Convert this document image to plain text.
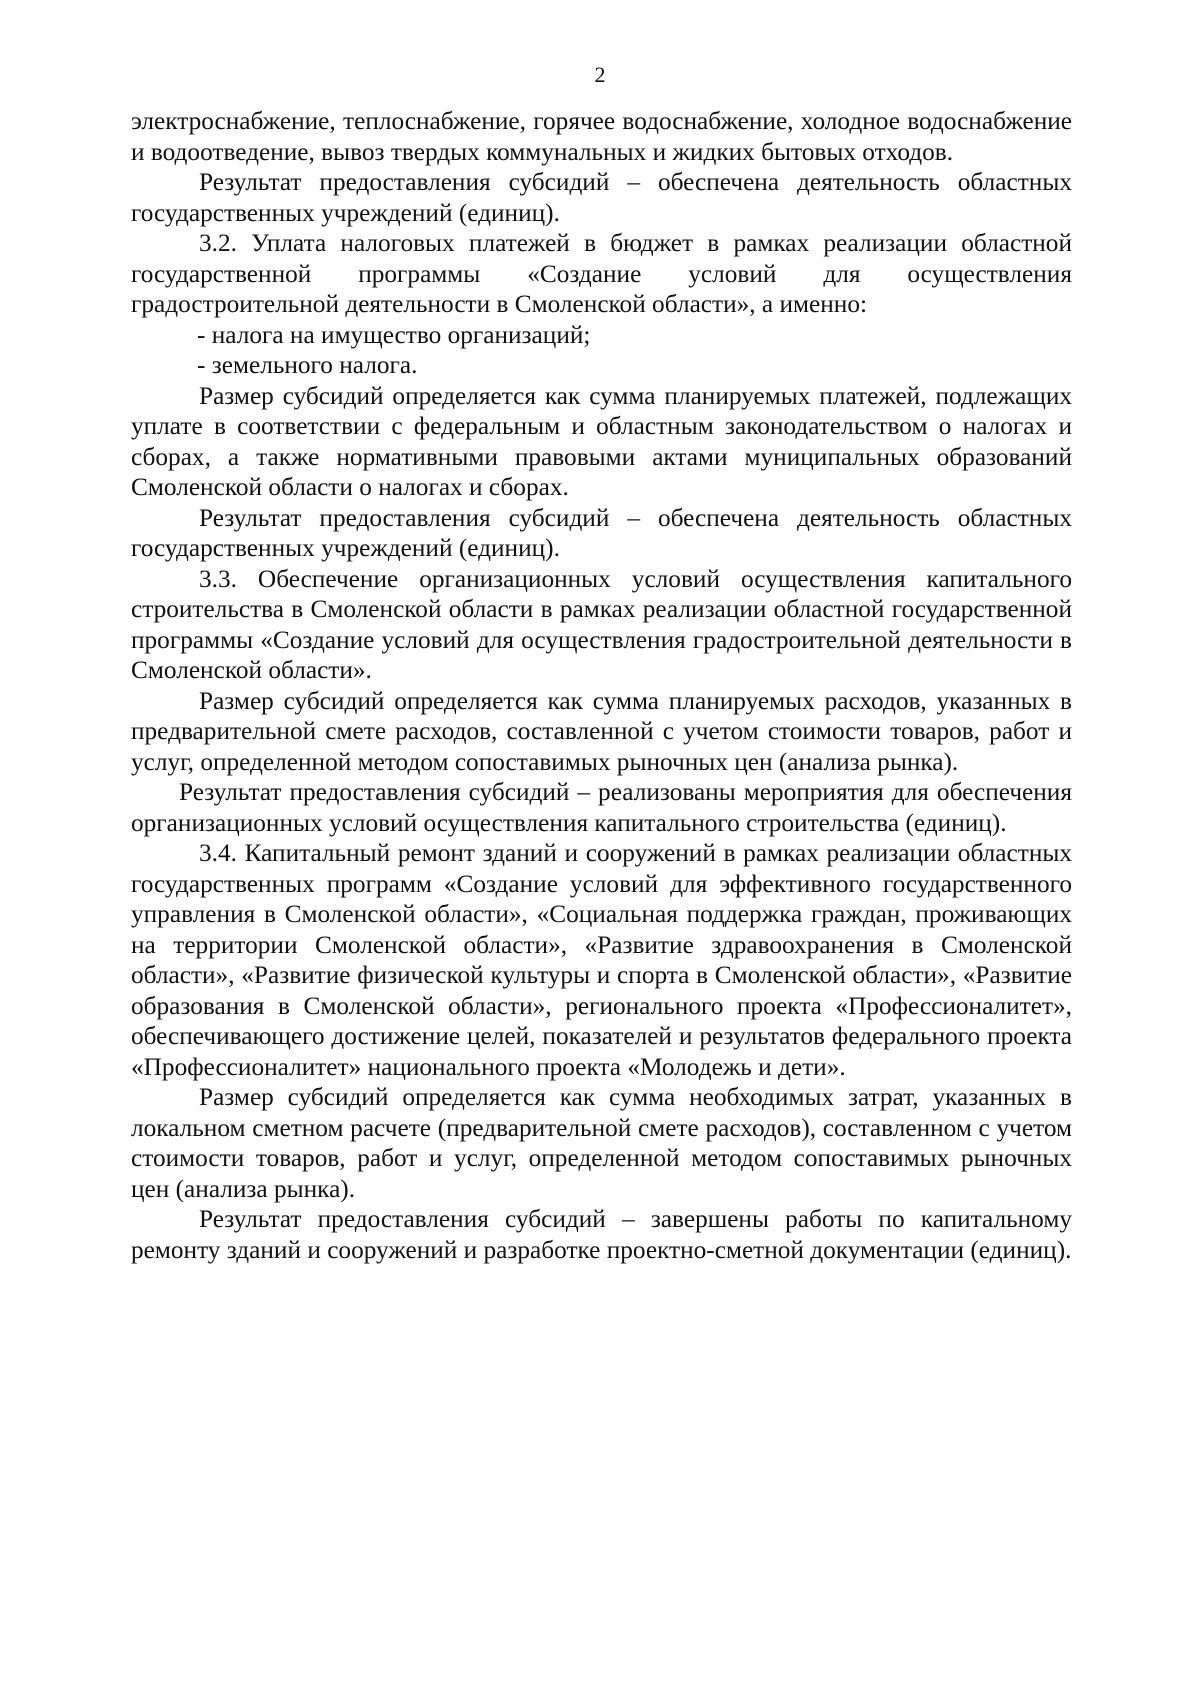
2

электроснабжение, теплоснабжение, горячее водоснабжение, холодное водоснабжение и водоотведение, вывоз твердых коммунальных и жидких бытовых отходов.

Результат предоставления субсидий – обеспечена деятельность областных государственных учреждений (единиц).

3.2. Уплата налоговых платежей в бюджет в рамках реализации областной государственной программы «Создание условий для осуществления градостроительной деятельности в Смоленской области», а именно:

- налога на имущество организаций;

- земельного налога.

Размер субсидий определяется как сумма планируемых платежей, подлежащих уплате в соответствии с федеральным и областным законодательством о налогах и сборах, а также нормативными правовыми актами муниципальных образований Смоленской области о налогах и сборах.

Результат предоставления субсидий – обеспечена деятельность областных государственных учреждений (единиц).

3.3. Обеспечение организационных условий осуществления капитального строительства в Смоленской области в рамках реализации областной государственной программы «Создание условий для осуществления градостроительной деятельности в Смоленской области».

Размер субсидий определяется как сумма планируемых расходов, указанных в предварительной смете расходов, составленной с учетом стоимости товаров, работ и услуг, определенной методом сопоставимых рыночных цен (анализа рынка).

Результат предоставления субсидий – реализованы мероприятия для обеспечения организационных условий осуществления капитального строительства (единиц).

3.4. Капитальный ремонт зданий и сооружений в рамках реализации областных государственных программ «Создание условий для эффективного государственного управления в Смоленской области», «Социальная поддержка граждан, проживающих на территории Смоленской области», «Развитие здравоохранения в Смоленской области», «Развитие физической культуры и спорта в Смоленской области», «Развитие образования в Смоленской области», регионального проекта «Профессионалитет», обеспечивающего достижение целей, показателей и результатов федерального проекта «Профессионалитет» национального проекта «Молодежь и дети».

Размер субсидий определяется как сумма необходимых затрат, указанных в локальном сметном расчете (предварительной смете расходов), составленном с учетом стоимости товаров, работ и услуг, определенной методом сопоставимых рыночных цен (анализа рынка).

Результат предоставления субсидий – завершены работы по капитальному ремонту зданий и сооружений и разработке проектно-сметной документации (единиц).
